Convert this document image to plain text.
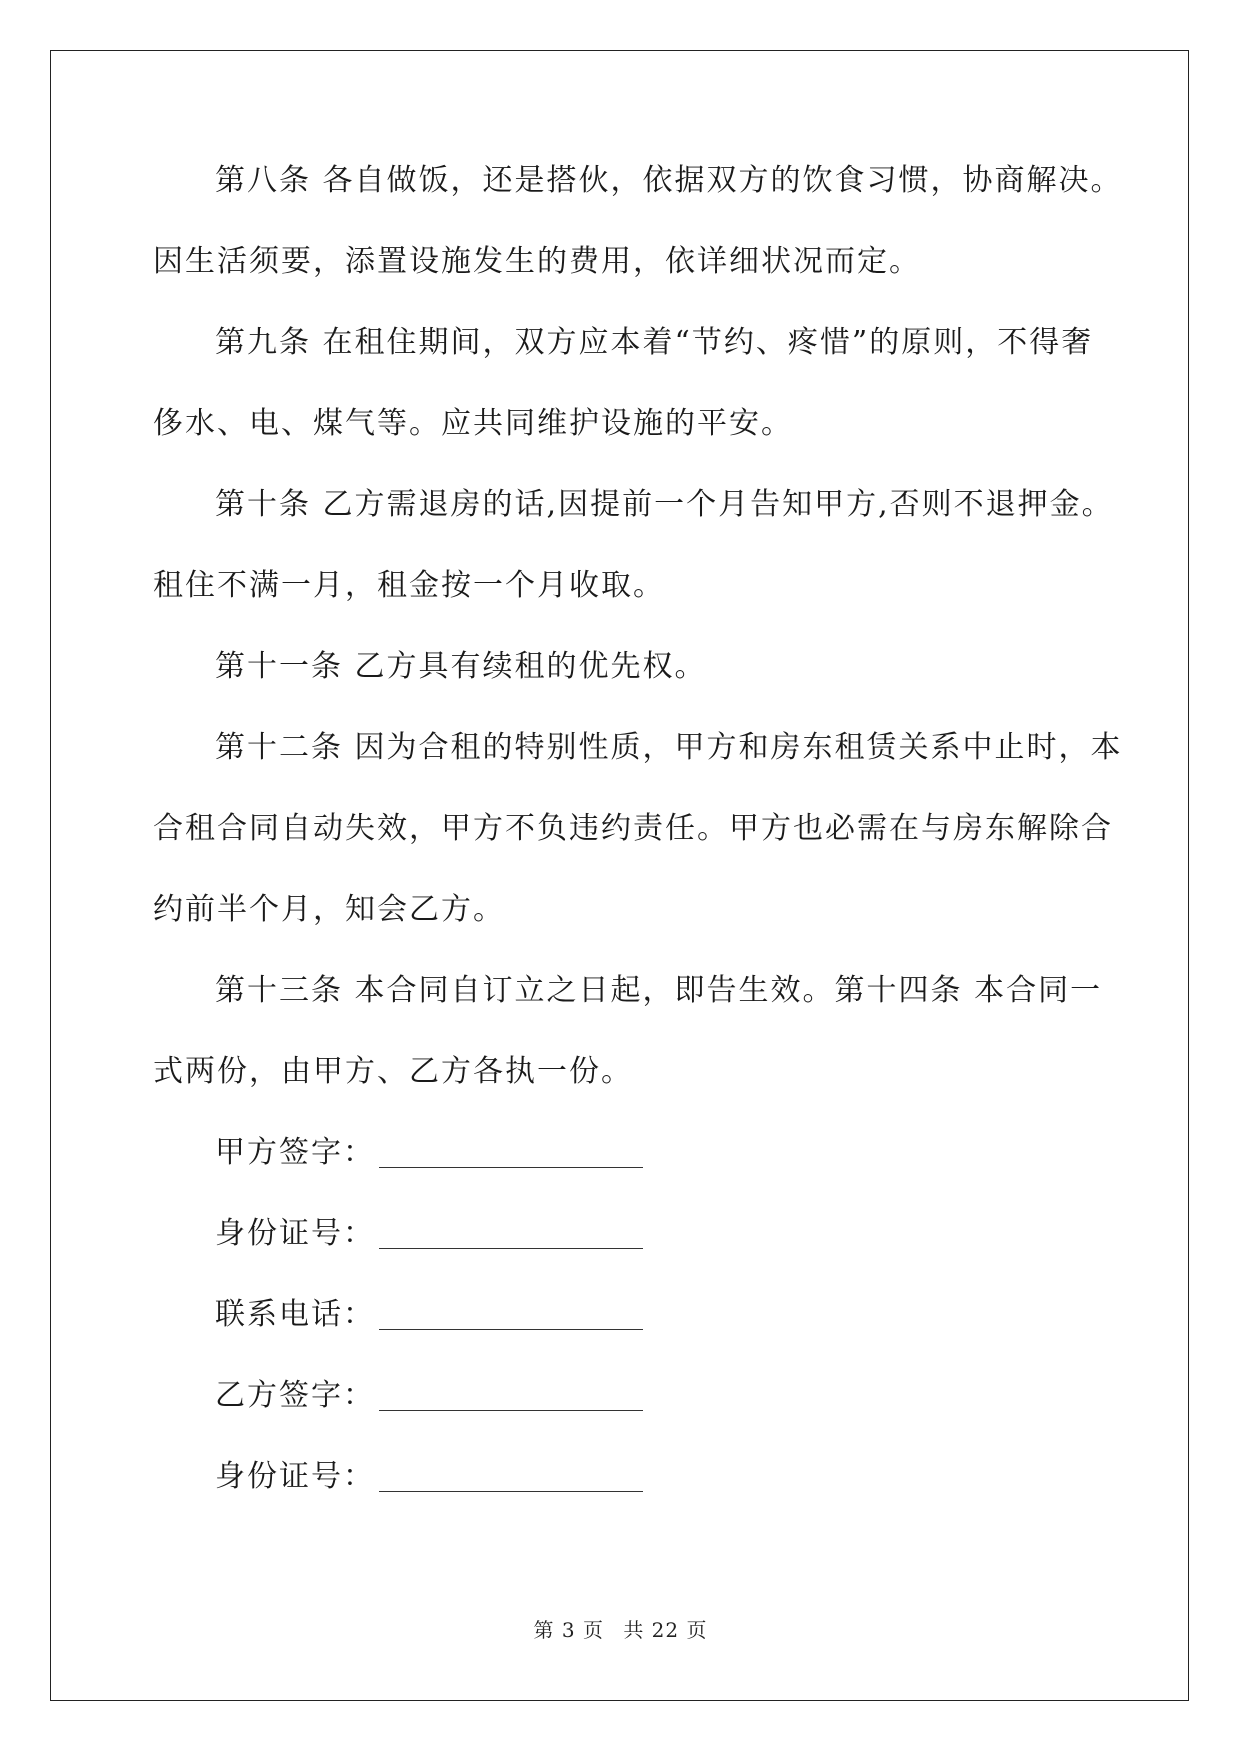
第八条 各自做饭，还是搭伙，依据双方的饮食习惯，协商解决。
因生活须要，添置设施发生的费用，依详细状况而定。
第九条 在租住期间，双方应本着“节约、疼惜”的原则，不得奢
侈水、电、煤气等。应共同维护设施的平安。
第十条 乙方需退房的话,因提前一个月告知甲方,否则不退押金。
租住不满一月，租金按一个月收取。
第十一条 乙方具有续租的优先权。
第十二条 因为合租的特别性质，甲方和房东租赁关系中止时，本
合租合同自动失效，甲方不负违约责任。甲方也必需在与房东解除合
约前半个月，知会乙方。
第十三条 本合同自订立之日起，即告生效。第十四条 本合同一
式两份，由甲方、乙方各执一份。
甲方签字：
身份证号：
联系电话：
乙方签字：
身份证号：
第 3 页 共 22 页
